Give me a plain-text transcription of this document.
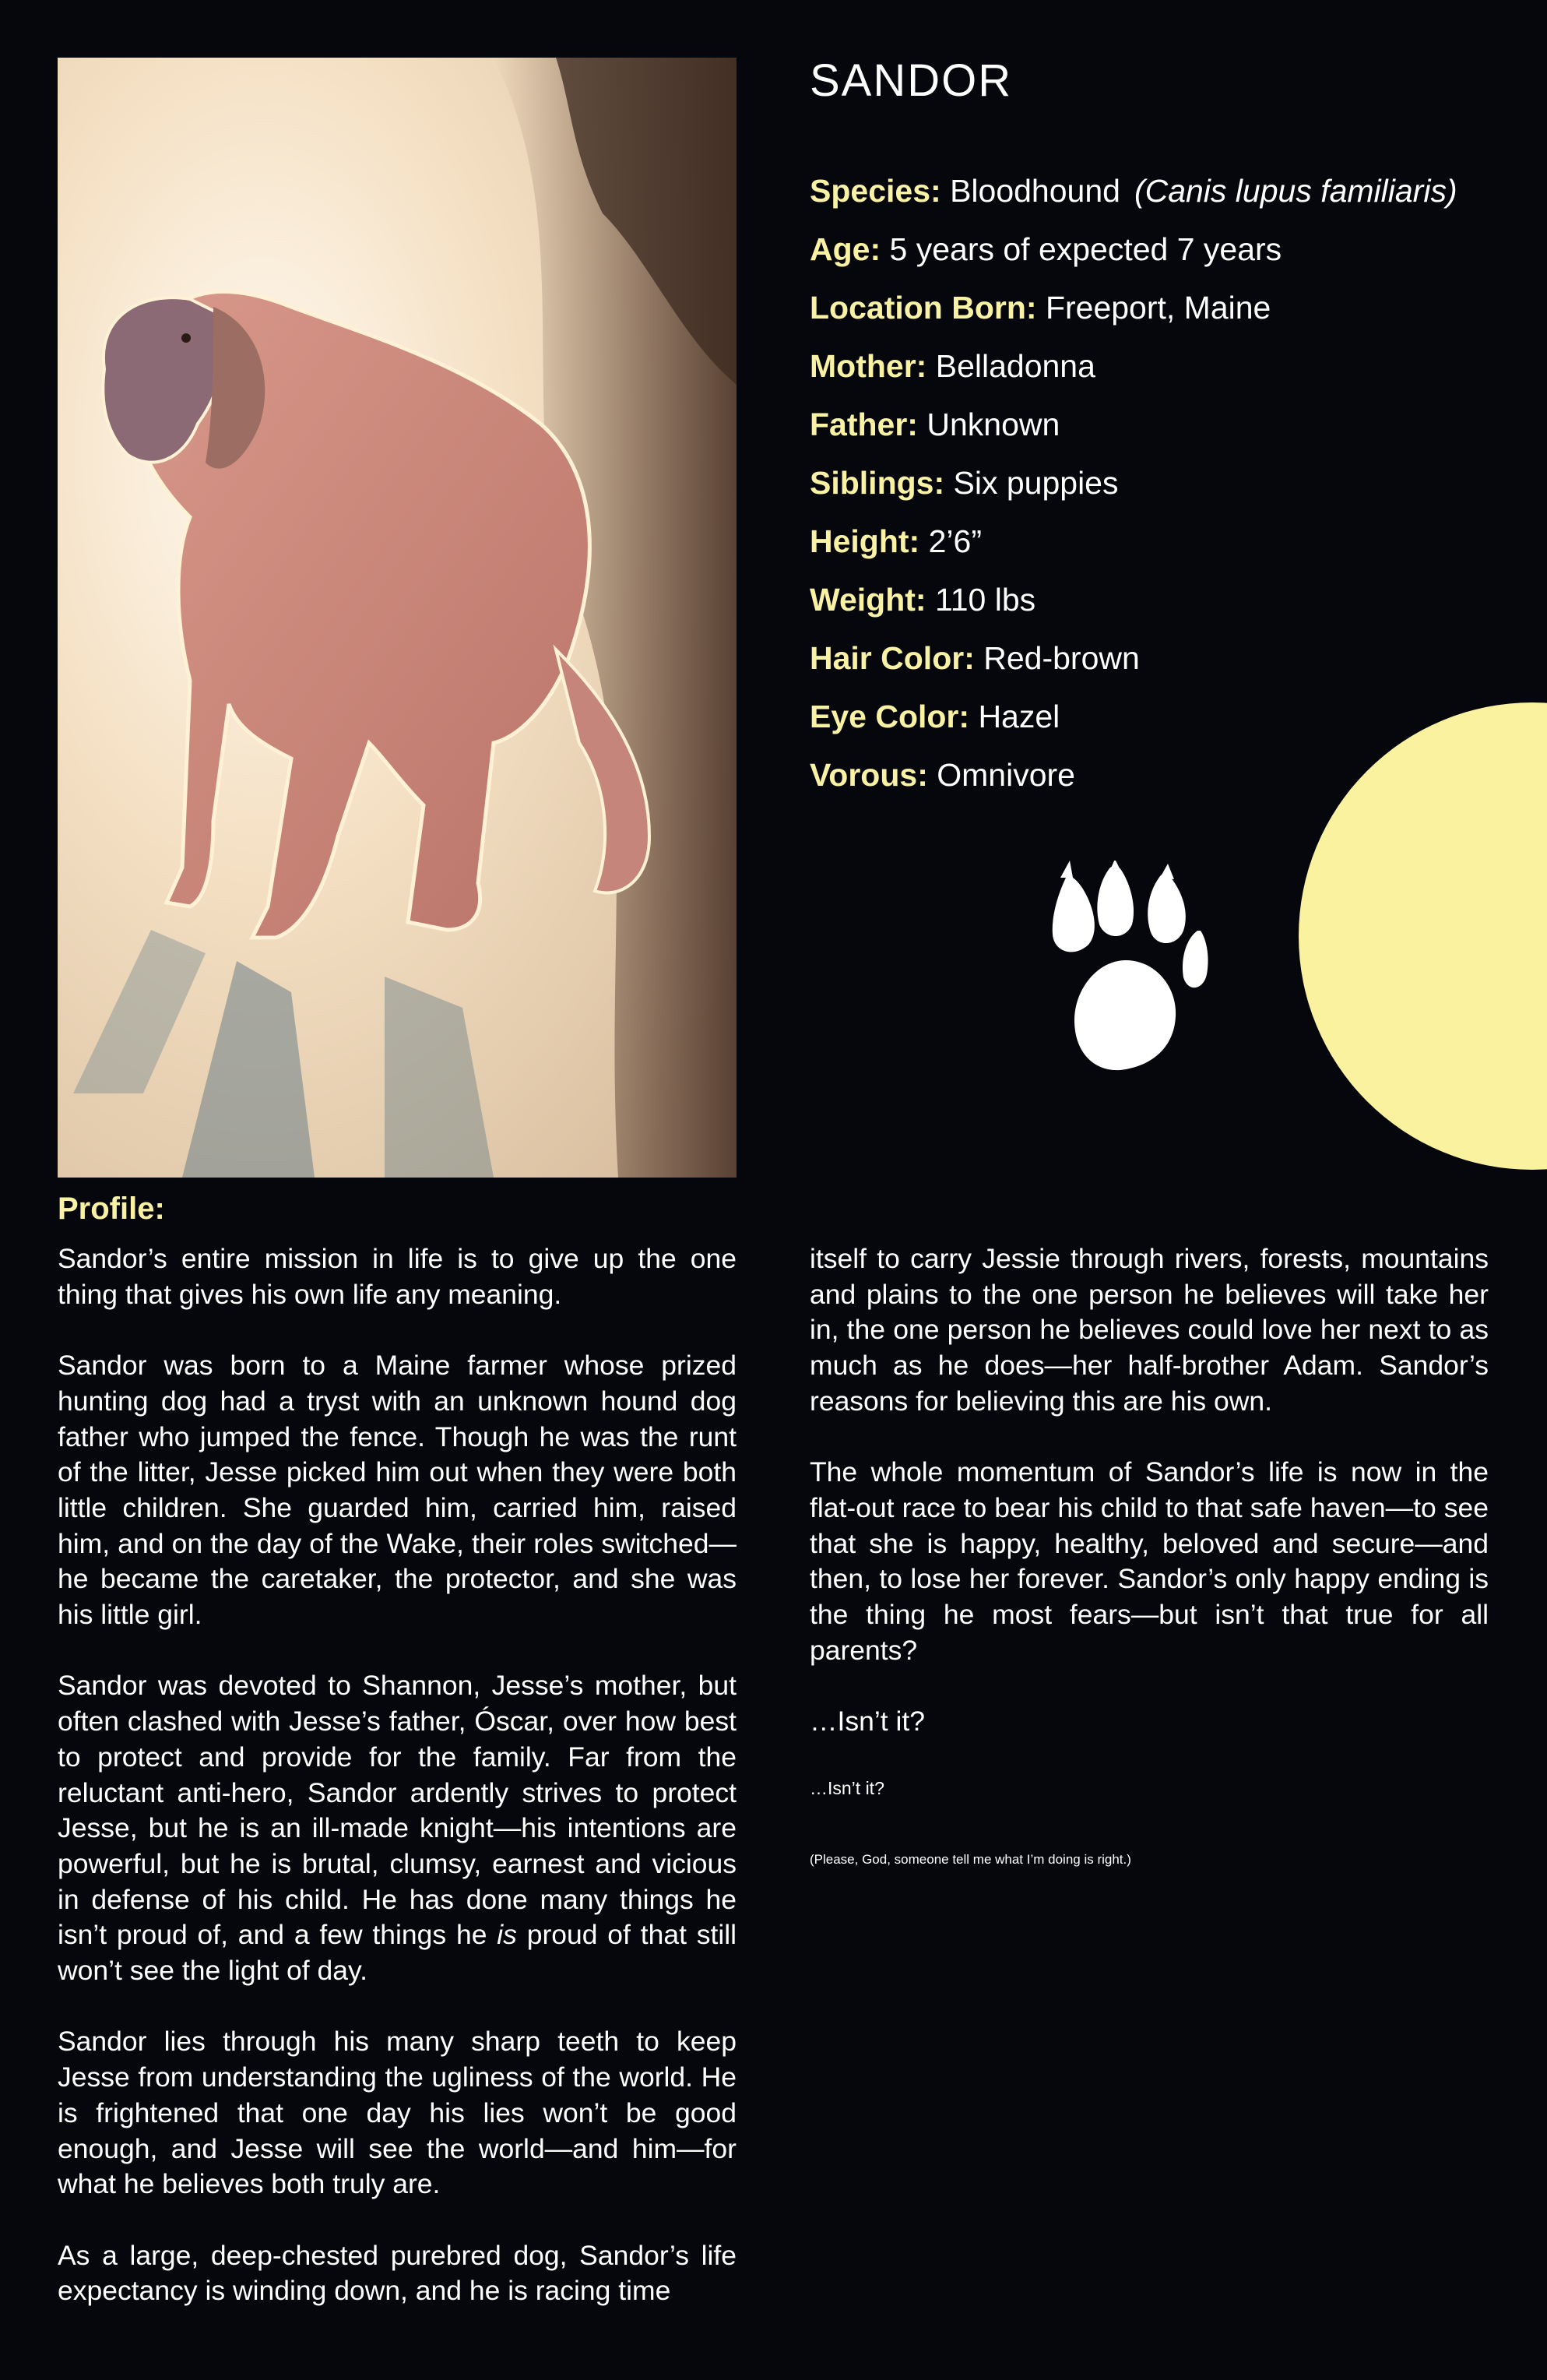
SANDOR
Species: Bloodhound (Canis lupus familiaris)
Age: 5 years of expected 7 years
Location Born: Freeport, Maine
Mother: Belladonna
Father: Unknown
Siblings: Six puppies
Height: 2’6”
Weight: 110 lbs
Hair Color: Red-brown
Eye Color: Hazel
Vorous: Omnivore
Profile:

Sandor’s entire mission in life is to give up the one thing that gives his own life any meaning.

Sandor was born to a Maine farmer whose prized hunting dog had a tryst with an unknown hound dog father who jumped the fence. Though he was the runt of the litter, Jesse picked him out when they were both little children. She guarded him, carried him, raised him, and on the day of the Wake, their roles switched—he became the caretaker, the protector, and she was his little girl.

Sandor was devoted to Shannon, Jesse’s mother, but often clashed with Jesse’s father, Óscar, over how best to protect and provide for the family. Far from the reluctant anti-hero, Sandor ardently strives to protect Jesse, but he is an ill-made knight—his intentions are powerful, but he is brutal, clumsy, earnest and vicious in defense of his child. He has done many things he isn’t proud of, and a few things he is proud of that still won’t see the light of day.

Sandor lies through his many sharp teeth to keep Jesse from understanding the ugliness of the world. He is frightened that one day his lies won’t be good enough, and Jesse will see the world—and him—for what he believes both truly are.

As a large, deep-chested purebred dog, Sandor’s life expectancy is winding down, and he is racing time

itself to carry Jessie through rivers, forests, mountains and plains to the one person he believes will take her in, the one person he believes could love her next to as much as he does—her half-brother Adam. Sandor’s reasons for believing this are his own.

The whole momentum of Sandor’s life is now in the flat-out race to bear his child to that safe haven—to see that she is happy, healthy, beloved and secure—and then, to lose her forever. Sandor’s only happy ending is the thing he most fears—but isn’t that true for all parents?

…Isn’t it?

…Isn’t it?

(Please, God, someone tell me what I’m doing is right.)
